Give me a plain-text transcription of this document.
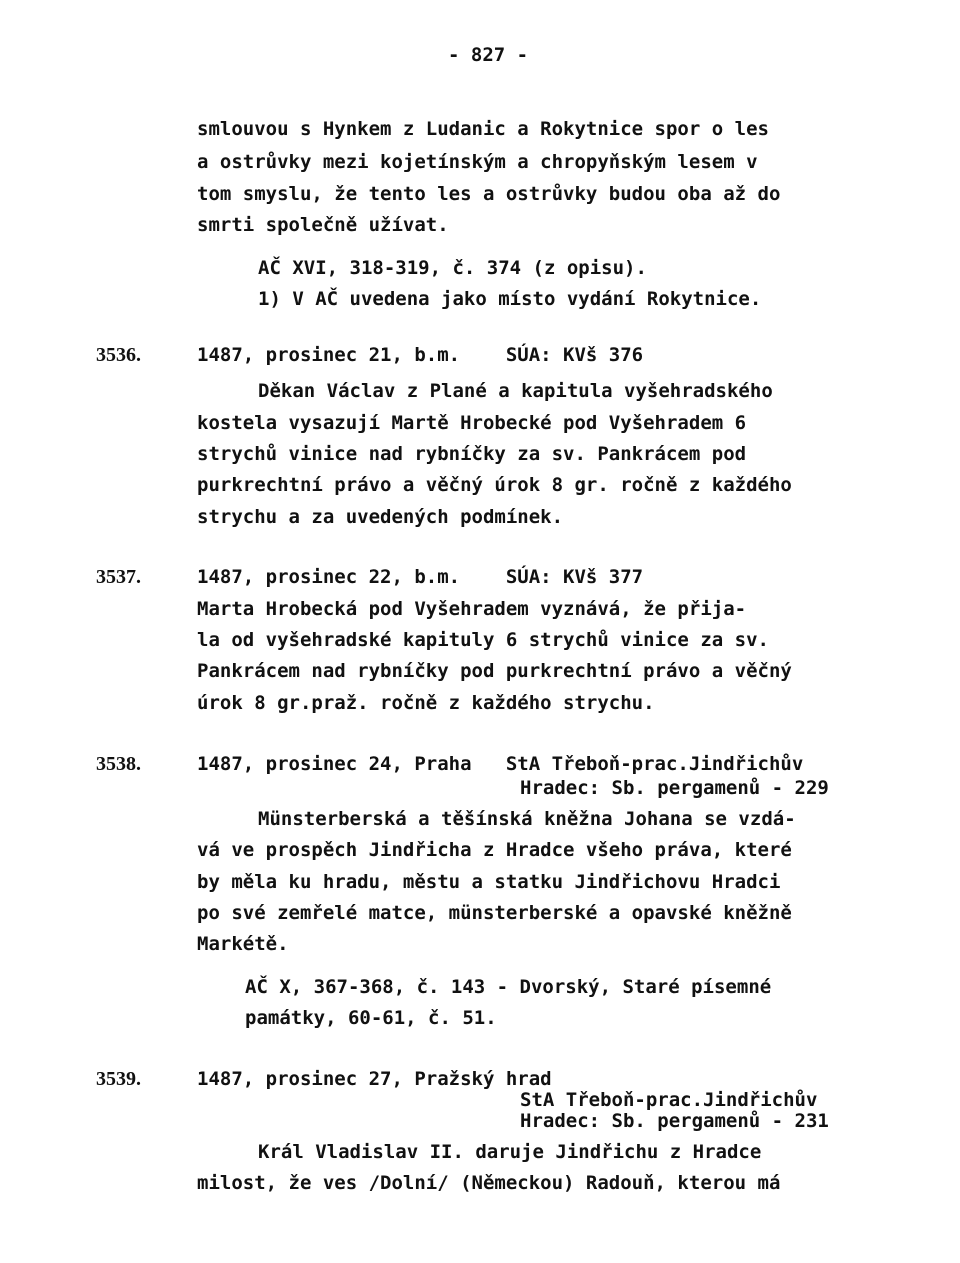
- 827 -
smlouvou s Hynkem z Ludanic a Rokytnice spor o les
a ostrůvky mezi kojetínským a chropyňským lesem v
tom smyslu, že tento les a ostrůvky budou oba až do
smrti společně užívat.
AČ XVI, 318-319, č. 374 (z opisu).
1) V AČ uvedena jako místo vydání Rokytnice.
3536.	1487, prosinec 21, b.m.    SÚA: KVš 376
Děkan Václav z Plané a kapitula vyšehradského
kostela vysazují Martě Hrobecké pod Vyšehradem 6
strychů vinice nad rybníčky za sv. Pankrácem pod
purkrechtní právo a věčný úrok 8 gr. ročně z každého
strychu a za uvedených podmínek.
3537.	1487, prosinec 22, b.m.    SÚA: KVš 377
Marta Hrobecká pod Vyšehradem vyznává, že přija-
la od vyšehradské kapituly 6 strychů vinice za sv.
Pankrácem nad rybníčky pod purkrechtní právo a věčný
úrok 8 gr.praž. ročně z každého strychu.
3538.	1487, prosinec 24, Praha   StA Třeboň-prac.Jindřichův
Hradec: Sb. pergamenů - 229
Münsterberská a těšínská kněžna Johana se vzdá-
vá ve prospěch Jindřicha z Hradce všeho práva, které
by měla ku hradu, městu a statku Jindřichovu Hradci
po své zemřelé matce, münsterberské a opavské kněžně
Markétě.
AČ X, 367-368, č. 143 - Dvorský, Staré písemné
památky, 60-61, č. 51.
3539.	1487, prosinec 27, Pražský hrad
StA Třeboň-prac.Jindřichův
Hradec: Sb. pergamenů - 231
Král Vladislav II. daruje Jindřichu z Hradce
milost, že ves /Dolní/ (Německou) Radouň, kterou má
